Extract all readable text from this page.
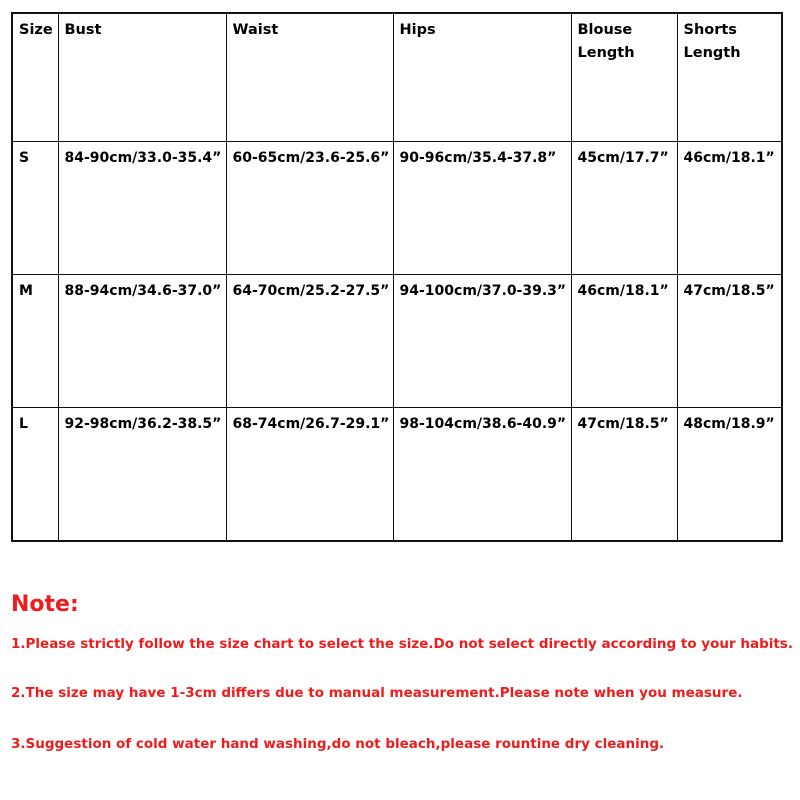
Size	Bust	Waist	Hips	Blouse Length	Shorts Length
S	84-90cm/33.0-35.4”	60-65cm/23.6-25.6”	90-96cm/35.4-37.8”	45cm/17.7”	46cm/18.1”
M	88-94cm/34.6-37.0”	64-70cm/25.2-27.5”	94-100cm/37.0-39.3”	46cm/18.1”	47cm/18.5”
L	92-98cm/36.2-38.5”	68-74cm/26.7-29.1”	98-104cm/38.6-40.9”	47cm/18.5”	48cm/18.9”
Note:
1.Please strictly follow the size chart to select the size.Do not select directly according to your habits.
2.The size may have 1-3cm differs due to manual measurement.Please note when you measure.
3.Suggestion of cold water hand washing,do not bleach,please rountine dry cleaning.
